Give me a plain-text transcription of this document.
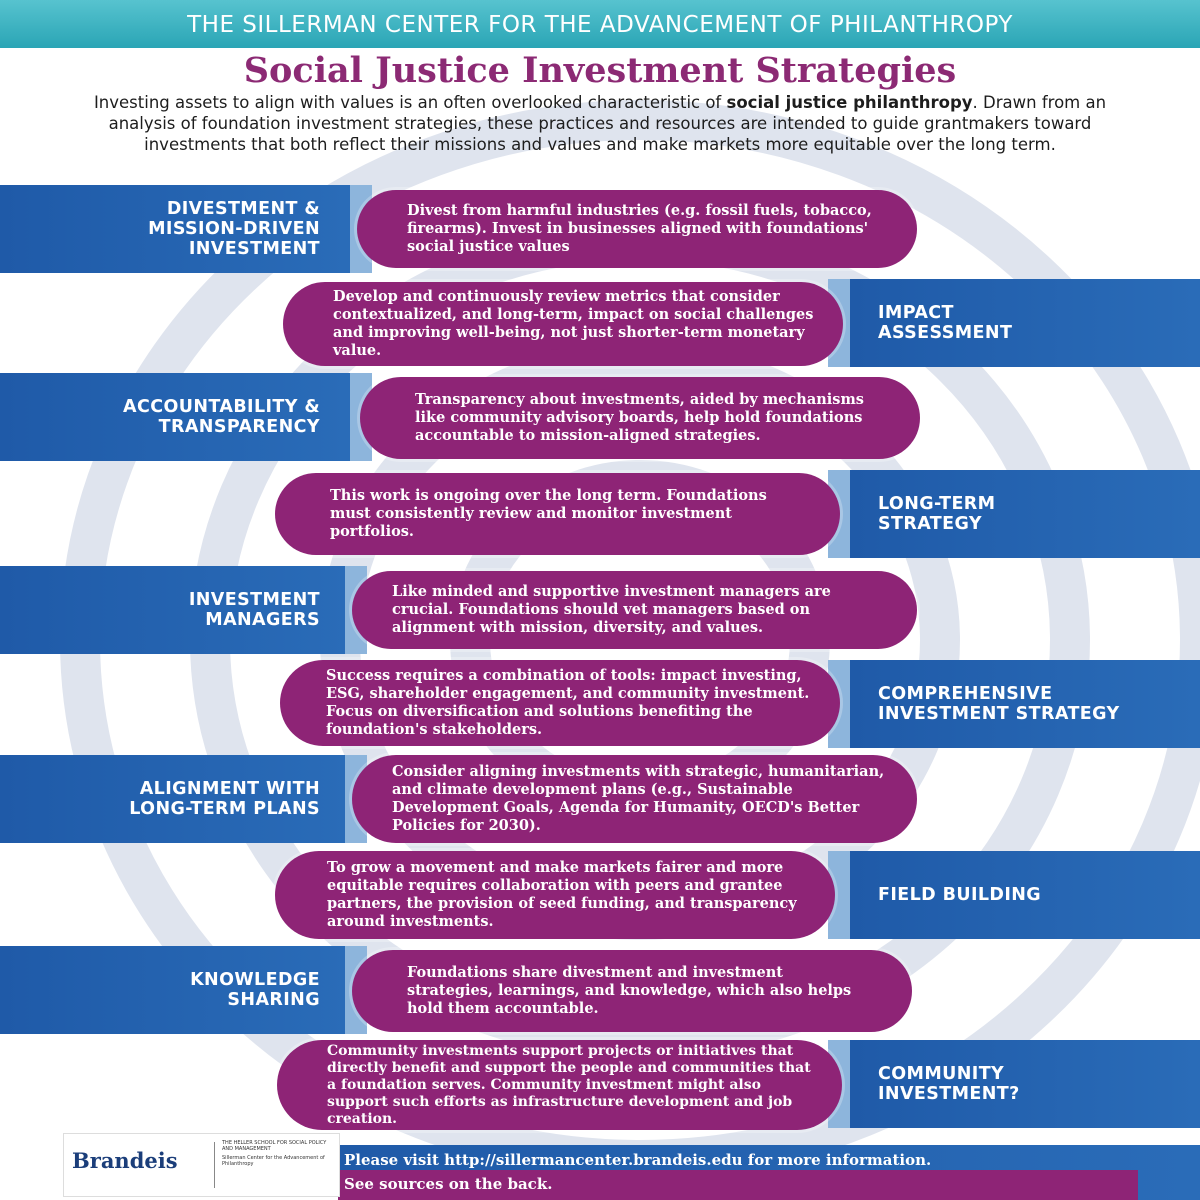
THE SILLERMAN CENTER FOR THE ADVANCEMENT OF PHILANTHROPY
Social Justice Investment Strategies
Investing assets to align with values is an often overlooked characteristic of social justice philanthropy. Drawn from an analysis of foundation investment strategies, these practices and resources are intended to guide grantmakers toward investments that both reflect their missions and values and make markets more equitable over the long term.
DIVESTMENT &
MISSION-DRIVEN
INVESTMENT
Divest from harmful industries (e.g. fossil fuels, tobacco, firearms). Invest in businesses aligned with foundations' social justice values
IMPACT
ASSESSMENT
Develop and continuously review metrics that consider contextualized, and long-term, impact on social challenges and improving well-being, not just shorter-term monetary value.
ACCOUNTABILITY &
TRANSPARENCY
Transparency about investments, aided by mechanisms like community advisory boards, help hold foundations accountable to mission-aligned strategies.
LONG-TERM
STRATEGY
This work is ongoing over the long term. Foundations must consistently review and monitor investment portfolios.
INVESTMENT
MANAGERS
Like minded and supportive investment managers are crucial. Foundations should vet managers based on alignment with mission, diversity, and values.
COMPREHENSIVE
INVESTMENT STRATEGY
Success requires a combination of tools: impact investing, ESG, shareholder engagement, and community investment. Focus on diversification and solutions benefiting the foundation's stakeholders.
ALIGNMENT WITH
LONG-TERM PLANS
Consider aligning investments with strategic, humanitarian, and climate development plans (e.g., Sustainable Development Goals, Agenda for Humanity, OECD's Better Policies for 2030).
FIELD BUILDING
To grow a movement and make markets fairer and more equitable requires collaboration with peers and grantee partners, the provision of seed funding, and transparency around investments.
KNOWLEDGE
SHARING
Foundations share divestment and investment strategies, learnings, and knowledge, which also helps hold them accountable.
COMMUNITY
INVESTMENT?
Community investments support projects or initiatives that directly benefit and support the people and communities that a foundation serves. Community investment might also support such efforts as infrastructure development and job creation.
Brandeis
THE HELLER SCHOOL FOR SOCIAL POLICY AND MANAGEMENT
Sillerman Center for the Advancement of Philanthropy	Please visit http://sillermancenter.brandeis.edu for more information.
See sources on the back.
